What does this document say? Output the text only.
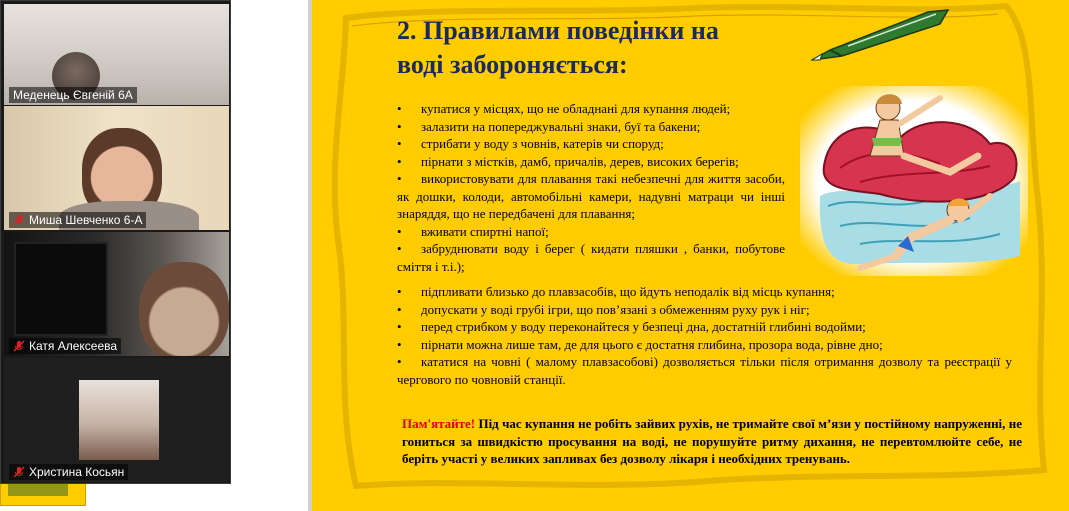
Меденець Євгеній 6А
Миша Шевченко 6-А
Катя Алексеева
Христина Косьян
2. Правилами поведінки на
воді забороняється:
• купатися у місцях, що не обладнані для купання людей;
• залазити на попереджувальні знаки, буї та бакени;
• стрибати у воду з човнів, катерів чи споруд;
• пірнати з містків, дамб, причалів, дерев, високих берегів;
• використовувати для плавання такі небезпечні для життя засоби, як дошки, колоди, автомобільні камери, надувні матраци чи інші знаряддя, що не передбачені для плавання;
• вживати спиртні напої;
• забруднювати воду і берег ( кидати пляшки , банки, побутове сміття і т.і.);
• підпливати близько до плавзасобів, що йдуть неподалік від місць купання;
• допускати у воді грубі ігри, що пов’язані з обмеженням руху рук і ніг;
• перед стрибком у воду переконайтеся у безпеці дна, достатній глибині водойми;
• пірнати можна лише там, де для цього є достатня глибина, прозора вода, рівне дно;
• кататися на човні ( малому плавзасобові) дозволяється тільки після отримання дозволу та реєстрації у чергового по човновій станції.
Пам'ятайте! Під час купання не робіть зайвих рухів, не тримайте свої м’язи у постійному напруженні, не гониться за швидкістю просування на воді, не порушуйте ритму дихання, не перевтомлюйте себе, не беріть участі у великих запливах без дозволу лікаря і необхідних тренувань.
